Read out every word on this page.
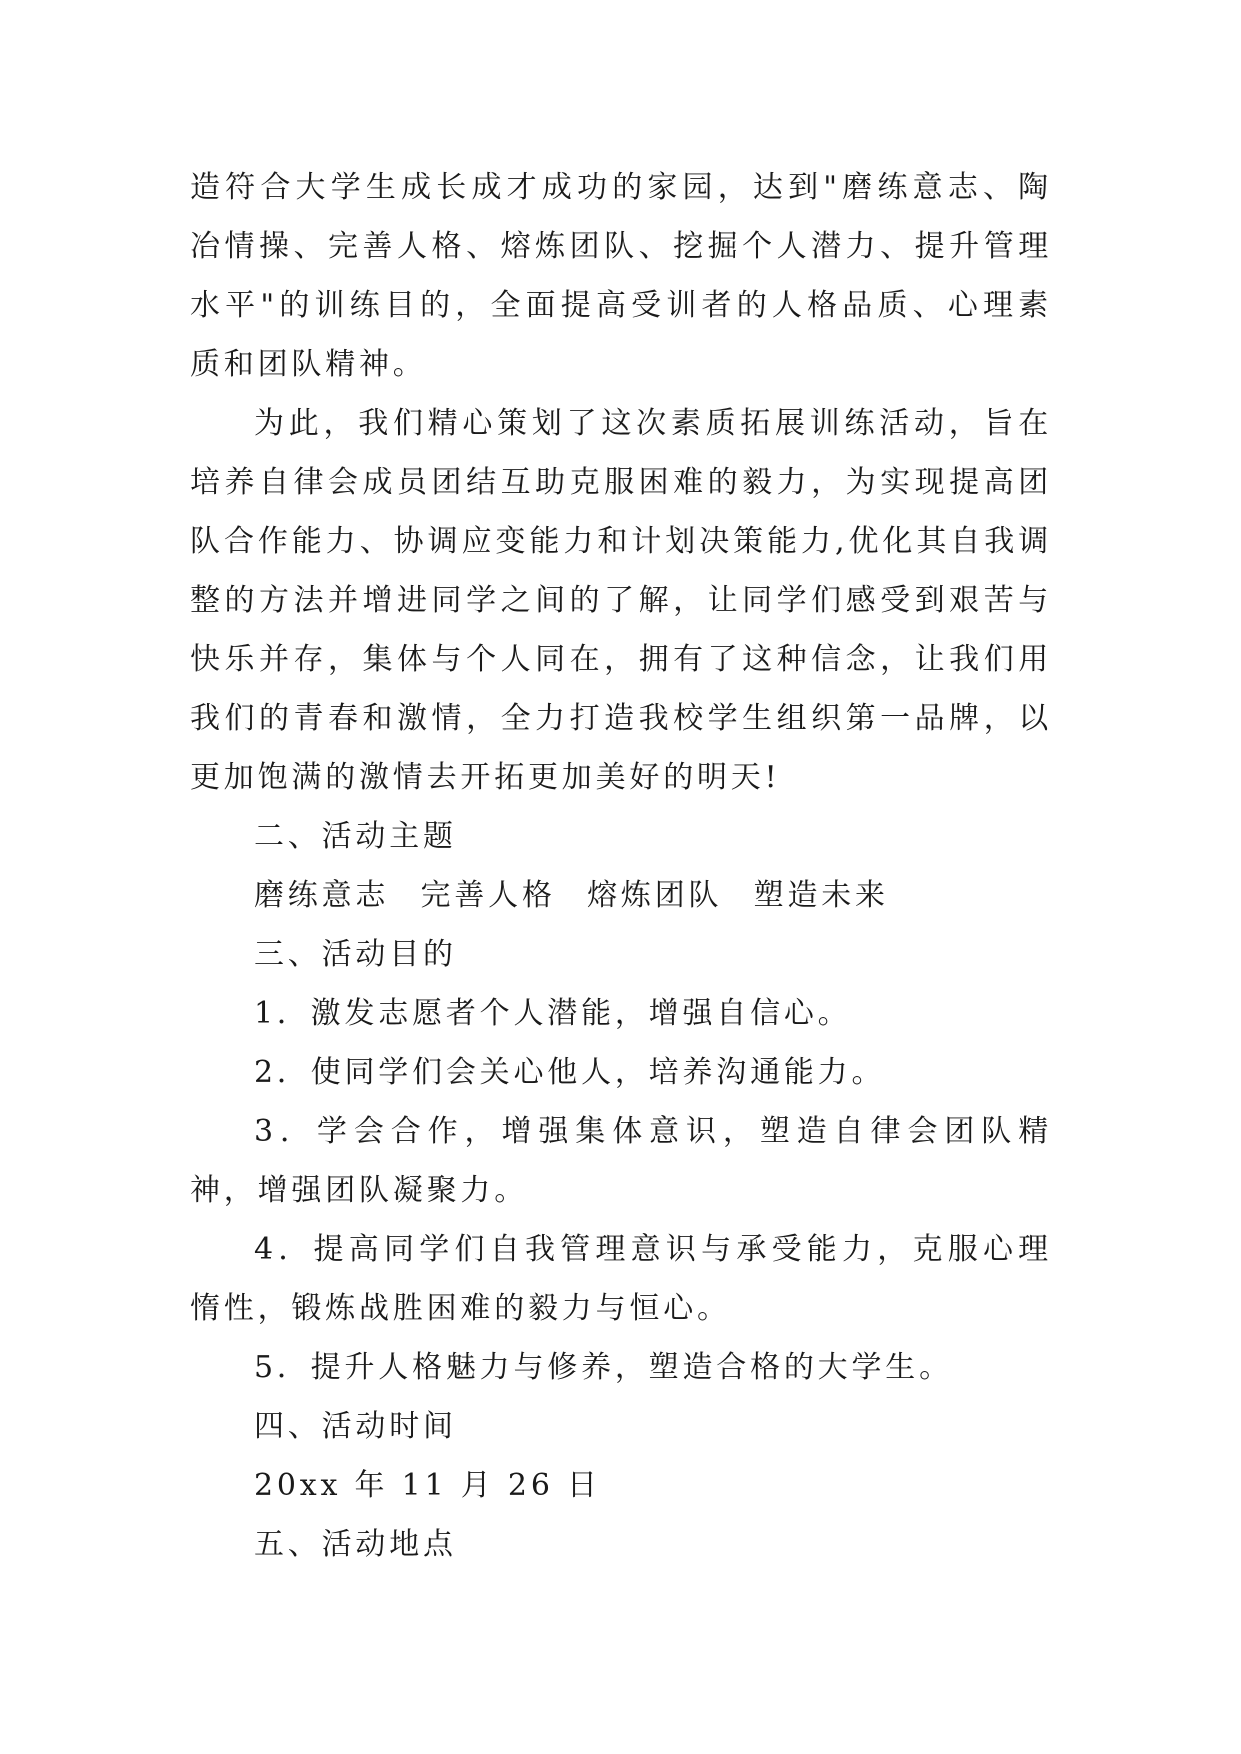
造符合大学生成长成才成功的家园，达到"磨练意志、陶冶情操、完善人格、熔炼团队、挖掘个人潜力、提升管理水平"的训练目的，全面提高受训者的人格品质、心理素质和团队精神。

为此，我们精心策划了这次素质拓展训练活动，旨在培养自律会成员团结互助克服困难的毅力，为实现提高团队合作能力、协调应变能力和计划决策能力,优化其自我调整的方法并增进同学之间的了解，让同学们感受到艰苦与快乐并存，集体与个人同在，拥有了这种信念，让我们用我们的青春和激情，全力打造我校学生组织第一品牌，以更加饱满的激情去开拓更加美好的明天!

二、活动主题

磨练意志 完善人格 熔炼团队 塑造未来

三、活动目的

1．激发志愿者个人潜能，增强自信心。

2．使同学们会关心他人，培养沟通能力。

3．学会合作，增强集体意识，塑造自律会团队精神，增强团队凝聚力。

4．提高同学们自我管理意识与承受能力，克服心理惰性，锻炼战胜困难的毅力与恒心。

5．提升人格魅力与修养，塑造合格的大学生。

四、活动时间

20xx 年 11 月 26 日

五、活动地点
